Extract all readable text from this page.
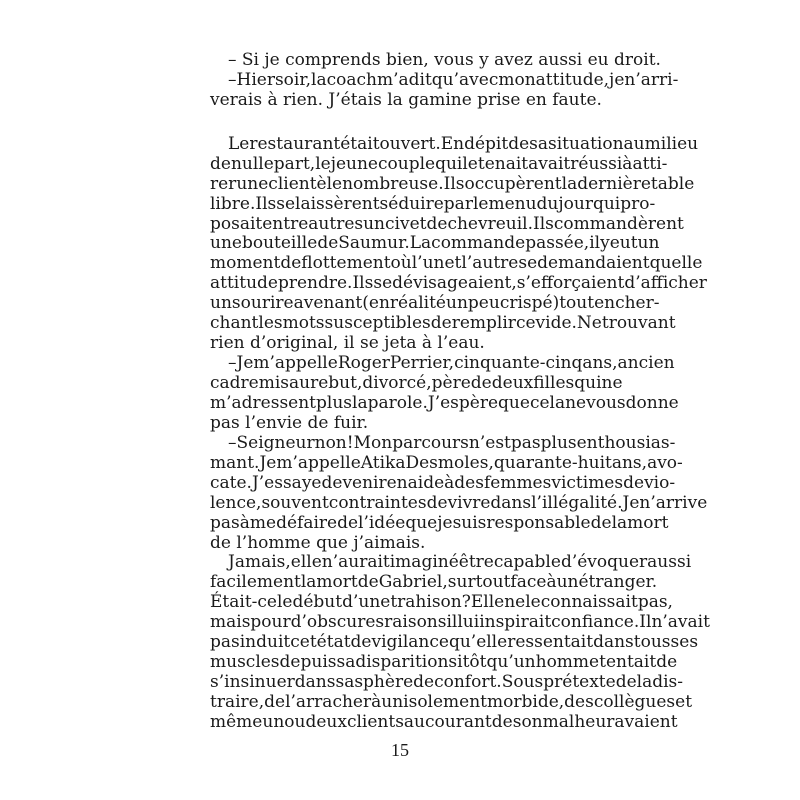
– Si je comprends bien, vous y avez aussi eu droit.
– Hier soir, la coach m’a dit qu’avec mon attitude, je n’arri-
verais à rien. J’étais la gamine prise en faute.
Le restaurant était ouvert. En dépit de sa situation au milieu
de nulle part, le jeune couple qui le tenait avait réussi à atti-
rer une clientèle nombreuse. Ils occupèrent la dernière table
libre. Ils se laissèrent séduire par le menu du jour qui pro-
posait entre autres un civet de chevreuil. Ils commandèrent
une bouteille de Saumur. La commande passée, il y eut un
moment de flottement où l’un et l’autre se demandaient quelle
attitude prendre. Ils se dévisageaient, s’efforçaient d’afficher
un sourire avenant (en réalité un peu crispé) tout en cher-
chant les mots susceptibles de remplir ce vide. Ne trouvant
rien d’original, il se jeta à l’eau.
– Je m’appelle Roger Perrier, cinquante-cinq ans, ancien
cadre mis au rebut, divorcé, père de deux filles qui ne
m’adressent plus la parole. J’espère que cela ne vous donne
pas l’envie de fuir.
– Seigneur non ! Mon parcours n’est pas plus enthousias-
mant. Je m’appelle Atika Desmoles, quarante-huit ans, avo-
cate. J’essaye de venir en aide à des femmes victimes de vio-
lence, souvent contraintes de vivre dans l’illégalité. Je n’arrive
pas à me défaire de l’idée que je suis responsable de la mort
de l’homme que j’aimais.
Jamais, elle n’aurait imaginé être capable d’évoquer aussi
facilement la mort de Gabriel, surtout face à un étranger.
Était-ce le début d’une trahison ? Elle ne le connaissait pas,
mais pour d’obscures raisons il lui inspirait confiance. Il n’avait
pas induit cet état de vigilance qu’elle ressentait dans tous ses
muscles depuis sa disparition sitôt qu’un homme tentait de
s’insinuer dans sa sphère de confort. Sous prétexte de la dis-
traire, de l’arracher à un isolement morbide, des collègues et
même un ou deux clients au courant de son malheur avaient
15
